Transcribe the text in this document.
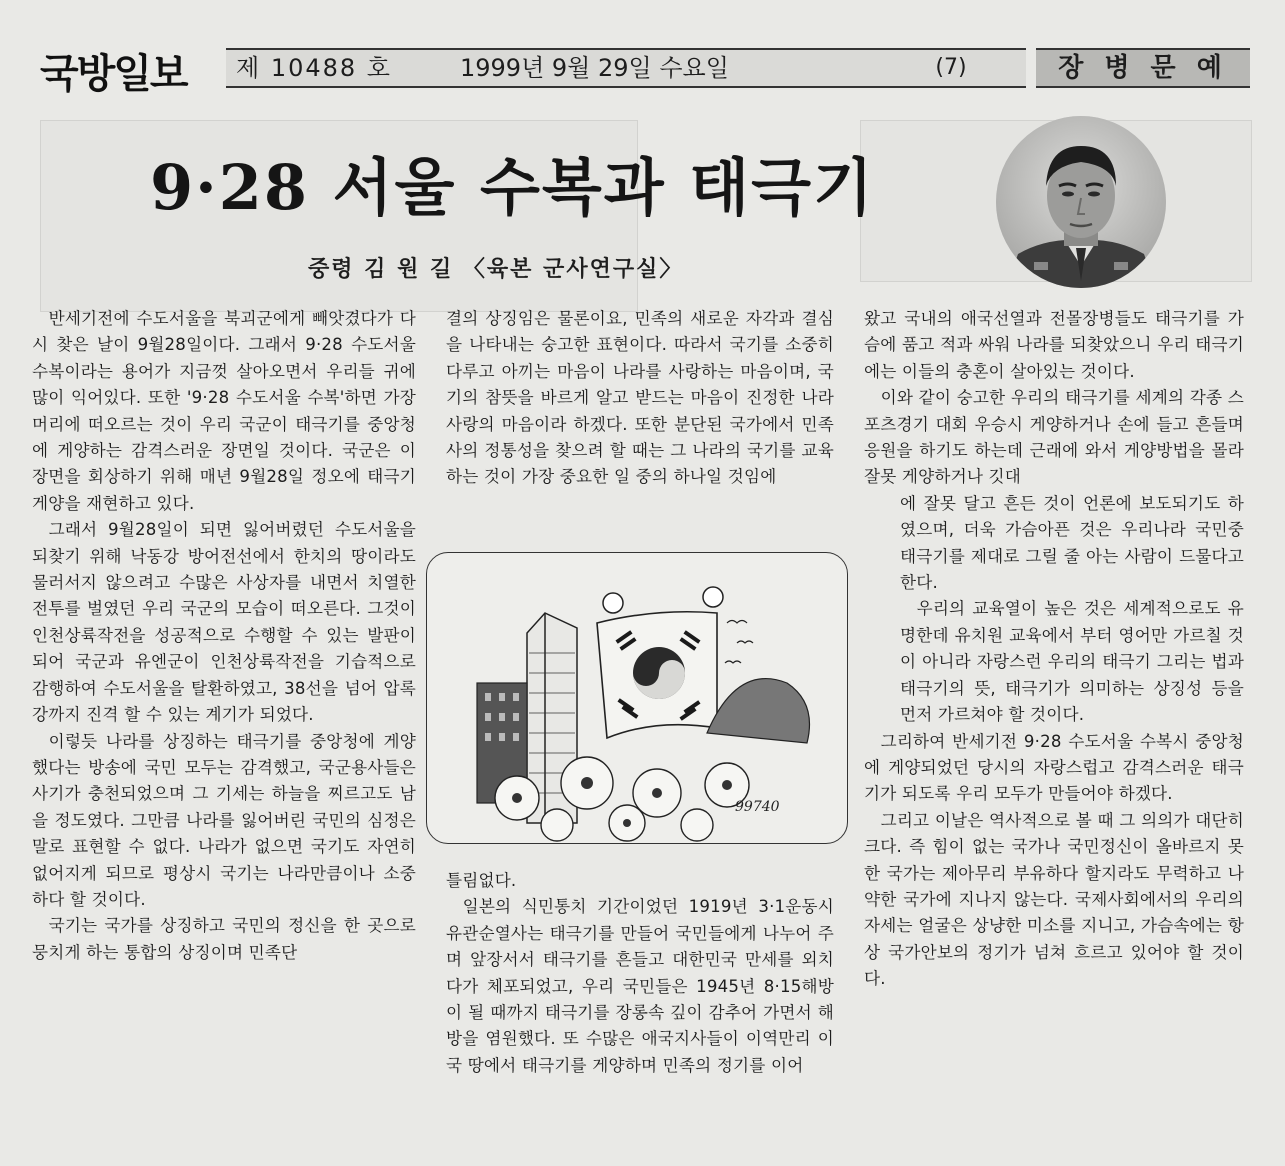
국방일보	제 10488 호	1999년 9월 29일 수요일	(7)	장 병 문 예
9·28 서울 수복과 태극기
중령 김 원 길 〈육본 군사연구실〉

반세기전에 수도서울을 북괴군에게 빼앗겼다가 다시 찾은 날이 9월28일이다. 그래서 9·28 수도서울 수복이라는 용어가 지금껏 살아오면서 우리들 귀에 많이 익어있다. 또한 '9·28 수도서울 수복'하면 가장 머리에 떠오르는 것이 우리 국군이 태극기를 중앙청에 게양하는 감격스러운 장면일 것이다. 국군은 이 장면을 회상하기 위해 매년 9월28일 정오에 태극기 게양을 재현하고 있다.

그래서 9월28일이 되면 잃어버렸던 수도서울을 되찾기 위해 낙동강 방어전선에서 한치의 땅이라도 물러서지 않으려고 수많은 사상자를 내면서 치열한 전투를 벌였던 우리 국군의 모습이 떠오른다. 그것이 인천상륙작전을 성공적으로 수행할 수 있는 발판이 되어 국군과 유엔군이 인천상륙작전을 기습적으로 감행하여 수도서울을 탈환하였고, 38선을 넘어 압록강까지 진격 할 수 있는 계기가 되었다.

이렇듯 나라를 상징하는 태극기를 중앙청에 게양했다는 방송에 국민 모두는 감격했고, 국군용사들은 사기가 충천되었으며 그 기세는 하늘을 찌르고도 남을 정도였다. 그만큼 나라를 잃어버린 국민의 심정은 말로 표현할 수 없다. 나라가 없으면 국기도 자연히 없어지게 되므로 평상시 국기는 나라만큼이나 소중하다 할 것이다.

국기는 국가를 상징하고 국민의 정신을 한 곳으로 뭉치게 하는 통합의 상징이며 민족단

결의 상징임은 물론이요, 민족의 새로운 자각과 결심을 나타내는 숭고한 표현이다. 따라서 국기를 소중히 다루고 아끼는 마음이 나라를 사랑하는 마음이며, 국기의 참뜻을 바르게 알고 받드는 마음이 진정한 나라사랑의 마음이라 하겠다. 또한 분단된 국가에서 민족사의 정통성을 찾으려 할 때는 그 나라의 국기를 교육하는 것이 가장 중요한 일 중의 하나일 것임에

99740

틀림없다.

일본의 식민통치 기간이었던 1919년 3·1운동시 유관순열사는 태극기를 만들어 국민들에게 나누어 주며 앞장서서 태극기를 흔들고 대한민국 만세를 외치다가 체포되었고, 우리 국민들은 1945년 8·15해방이 될 때까지 태극기를 장롱속 깊이 감추어 가면서 해방을 염원했다. 또 수많은 애국지사들이 이역만리 이국 땅에서 태극기를 게양하며 민족의 정기를 이어

왔고 국내의 애국선열과 전몰장병들도 태극기를 가슴에 품고 적과 싸워 나라를 되찾았으니 우리 태극기에는 이들의 충혼이 살아있는 것이다.

이와 같이 숭고한 우리의 태극기를 세계의 각종 스포츠경기 대회 우승시 게양하거나 손에 들고 흔들며 응원을 하기도 하는데 근래에 와서 게양방법을 몰라 잘못 게양하거나 깃대

에 잘못 달고 흔든 것이 언론에 보도되기도 하였으며, 더욱 가슴아픈 것은 우리나라 국민중 태극기를 제대로 그릴 줄 아는 사람이 드물다고 한다.

우리의 교육열이 높은 것은 세계적으로도 유명한데 유치원 교육에서 부터 영어만 가르칠 것이 아니라 자랑스런 우리의 태극기 그리는 법과 태극기의 뜻, 태극기가 의미하는 상징성 등을 먼저 가르쳐야 할 것이다.

그리하여 반세기전 9·28 수도서울 수복시 중앙청에 게양되었던 당시의 자랑스럽고 감격스러운 태극기가 되도록 우리 모두가 만들어야 하겠다.

그리고 이날은 역사적으로 볼 때 그 의의가 대단히 크다. 즉 힘이 없는 국가나 국민정신이 올바르지 못 한 국가는 제아무리 부유하다 할지라도 무력하고 나약한 국가에 지나지 않는다. 국제사회에서의 우리의 자세는 얼굴은 상냥한 미소를 지니고, 가슴속에는 항상 국가안보의 정기가 넘쳐 흐르고 있어야 할 것이다.
